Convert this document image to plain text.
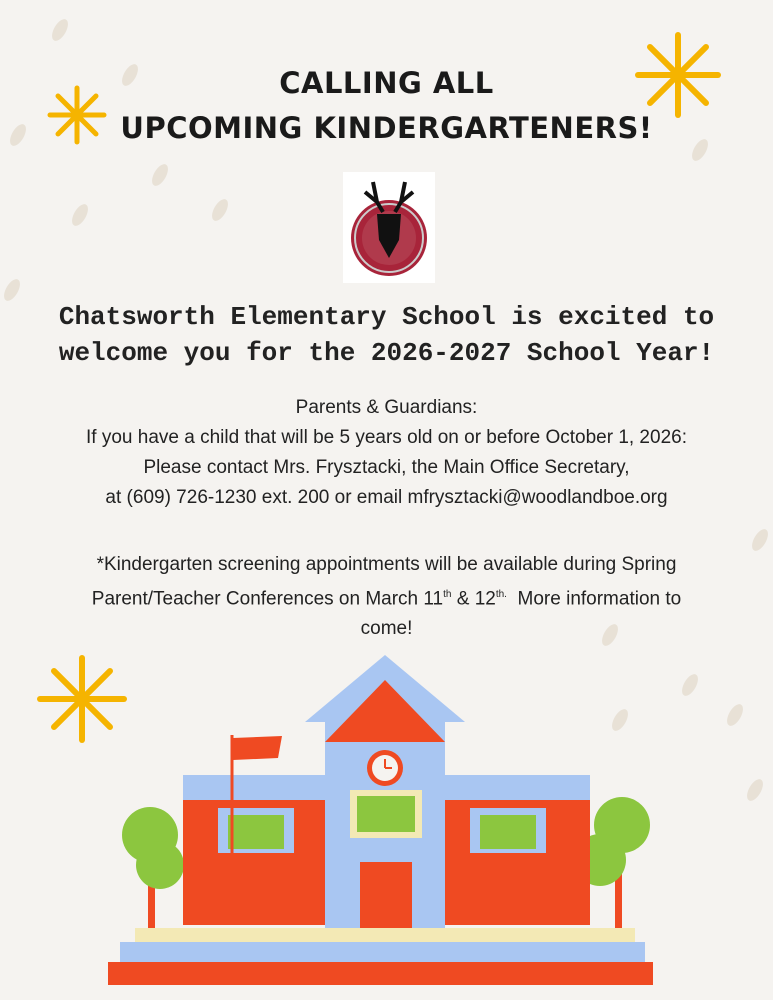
CALLING ALL
UPCOMING KINDERGARTENERS!
Chatsworth Elementary School is excited to
welcome you for the 2026-2027 School Year!
Parents & Guardians:
If you have a child that will be 5 years old on or before October 1, 2026:
Please contact Mrs. Frysztacki, the Main Office Secretary,
at (609) 726-1230 ext. 200 or email mfrysztacki@woodlandboe.org
*Kindergarten screening appointments will be available during Spring
Parent/Teacher Conferences on March 11th & $12^{th.}$  More information to
come!
